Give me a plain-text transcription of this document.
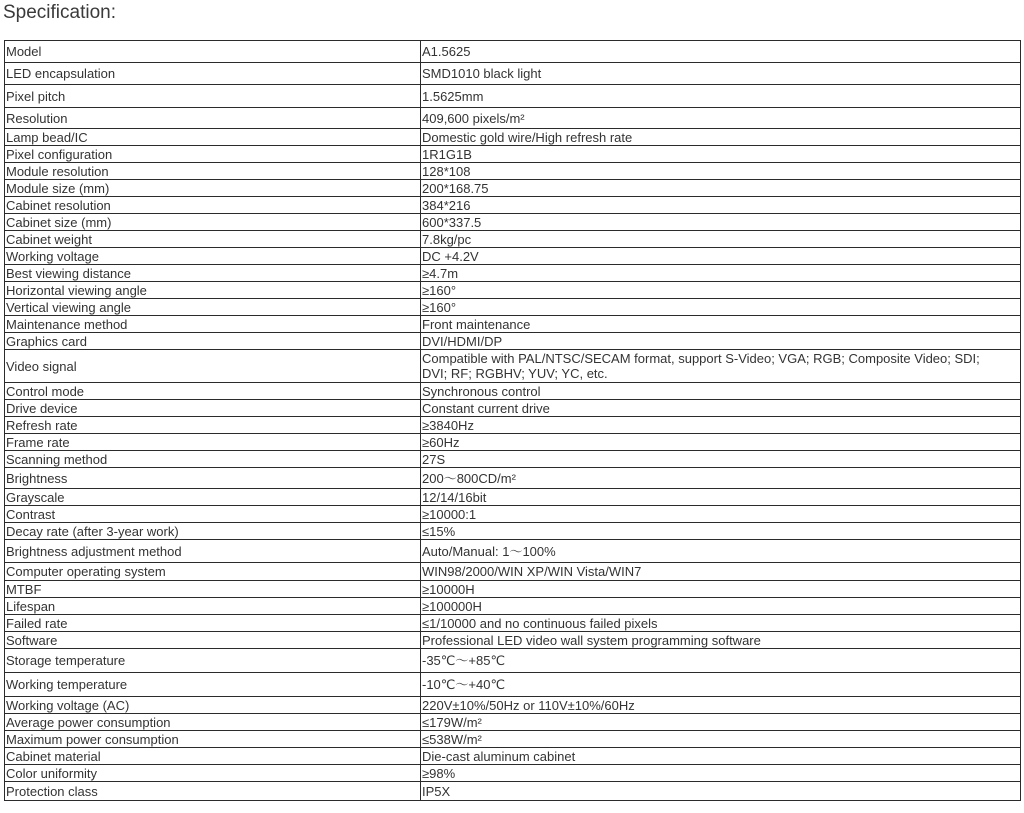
Specification:
Model	A1.5625
LED encapsulation	SMD1010 black light
Pixel pitch	1.5625mm
Resolution	409,600 pixels/m²
Lamp bead/IC	Domestic gold wire/High refresh rate
Pixel configuration	1R1G1B
Module resolution	128*108
Module size (mm)	200*168.75
Cabinet resolution	384*216
Cabinet size (mm)	600*337.5
Cabinet weight	7.8kg/pc
Working voltage	DC +4.2V
Best viewing distance	≥4.7m
Horizontal viewing angle	≥160°
Vertical viewing angle	≥160°
Maintenance method	Front maintenance
Graphics card	DVI/HDMI/DP
Video signal	Compatible with PAL/NTSC/SECAM format, support S-Video; VGA; RGB; Composite Video; SDI; DVI; RF; RGBHV; YUV; YC, etc.
Control mode	Synchronous control
Drive device	Constant current drive
Refresh rate	≥3840Hz
Frame rate	≥60Hz
Scanning method	27S
Brightness	200～800CD/m²
Grayscale	12/14/16bit
Contrast	≥10000:1
Decay rate (after 3-year work)	≤15%
Brightness adjustment method	Auto/Manual: 1～100%
Computer operating system	WIN98/2000/WIN XP/WIN Vista/WIN7
MTBF	≥10000H
Lifespan	≥100000H
Failed rate	≤1/10000 and no continuous failed pixels
Software	Professional LED video wall system programming software
Storage temperature	-35℃～+85℃
Working temperature	-10℃～+40℃
Working voltage (AC)	220V±10%/50Hz or 110V±10%/60Hz
Average power consumption	≤179W/m²
Maximum power consumption	≤538W/m²
Cabinet material	Die-cast aluminum cabinet
Color uniformity	≥98%
Protection class	IP5X
